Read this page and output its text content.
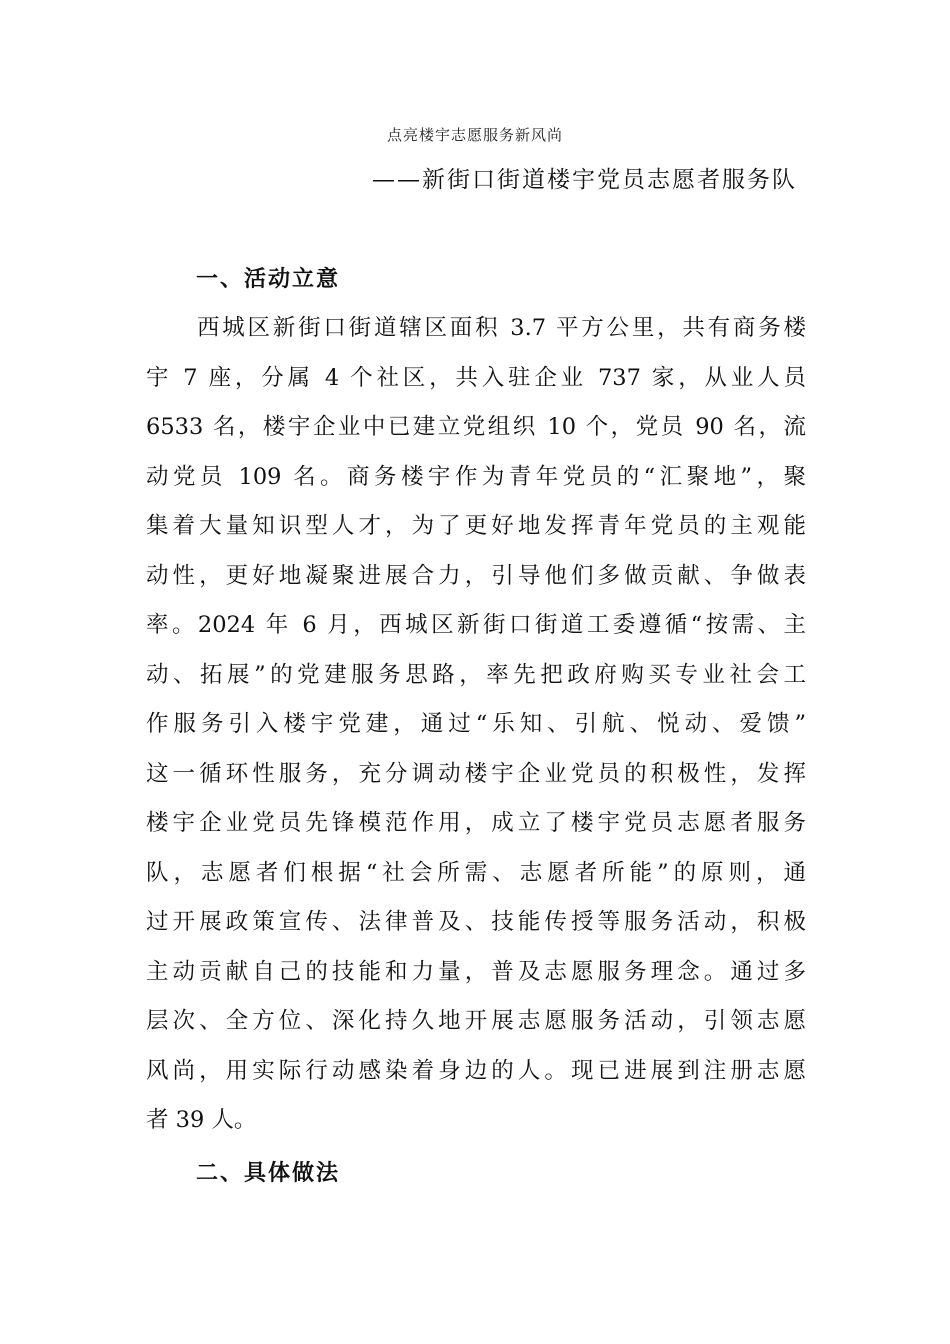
点亮楼宇志愿服务新风尚
——新街口街道楼宇党员志愿者服务队
一、活动立意
西城区新街口街道辖区面积 3.7 平方公里，共有商务楼
宇 7 座，分属 4 个社区，共入驻企业 737 家，从业人员
6533 名，楼宇企业中已建立党组织 10 个，党员 90 名，流
动党员 109 名。商务楼宇作为青年党员的“汇聚地”，聚
集着大量知识型人才，为了更好地发挥青年党员的主观能
动性，更好地凝聚进展合力，引导他们多做贡献、争做表
率。2024 年 6 月，西城区新街口街道工委遵循“按需、主
动、拓展”的党建服务思路，率先把政府购买专业社会工
作服务引入楼宇党建，通过“乐知、引航、悦动、爱馈”
这一循环性服务，充分调动楼宇企业党员的积极性，发挥
楼宇企业党员先锋模范作用，成立了楼宇党员志愿者服务
队，志愿者们根据“社会所需、志愿者所能”的原则，通
过开展政策宣传、法律普及、技能传授等服务活动，积极
主动贡献自己的技能和力量，普及志愿服务理念。通过多
层次、全方位、深化持久地开展志愿服务活动，引领志愿
风尚，用实际行动感染着身边的人。现已进展到注册志愿
者 39 人。
二、具体做法
